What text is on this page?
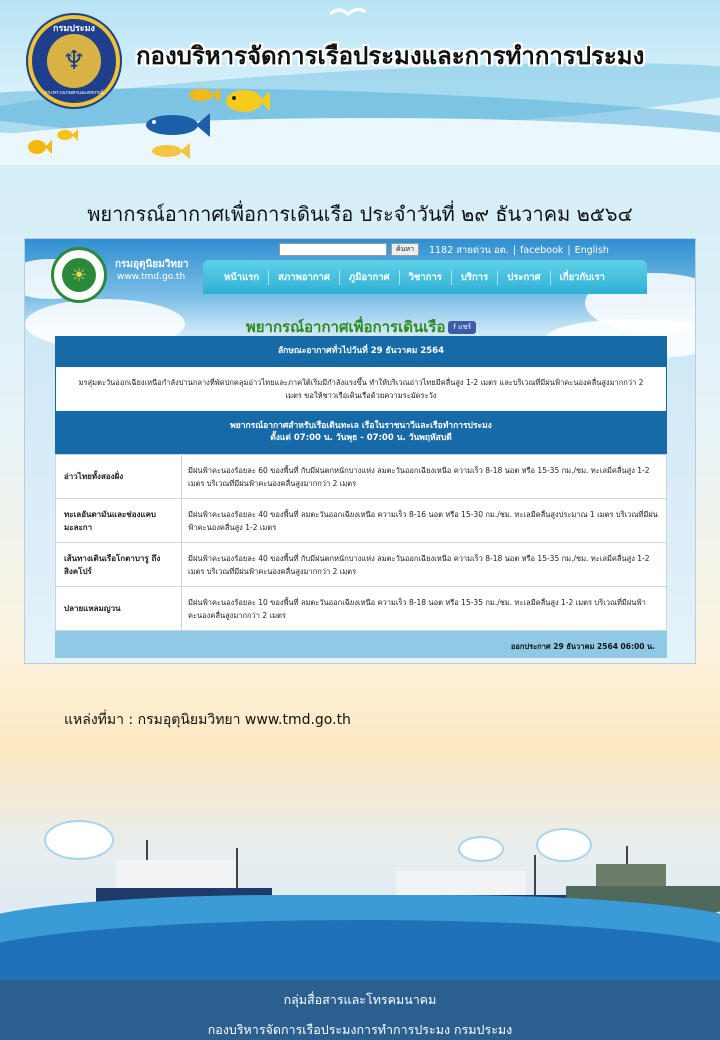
กรมประมง
♆
กระทรวงเกษตรและสหกรณ์
กองบริหารจัดการเรือประมงและการทำการประมง
พยากรณ์อากาศเพื่อการเดินเรือ ประจำวันที่ ๒๙ ธันวาคม ๒๕๖๔
☀	กรมอุตุนิยมวิทยา
www.tmd.go.th
ค้นหา	1182 สายด่วน อต. | facebook | English
หน้าแรก	สภาพอากาศ	ภูมิอากาศ	วิชาการ	บริการ	ประกาศ	เกี่ยวกับเรา
พยากรณ์อากาศเพื่อการเดินเรือ f แชร์
ลักษณะอากาศทั่วไปวันที่ 29 ธันวาคม 2564
มรสุมตะวันออกเฉียงเหนือกำลังปานกลางที่พัดปกคลุมอ่าวไทยและภาคใต้เริ่มมีกำลังแรงขึ้น ทำให้บริเวณอ่าวไทยมีคลื่นสูง 1-2 เมตร และบริเวณที่มีฝนฟ้าคะนองคลื่นสูงมากกว่า 2 เมตร ขอให้ชาวเรือเดินเรือด้วยความระมัดระวัง
พยากรณ์อากาศสำหรับเรือเดินทะเล เรือในราชนาวีและเรือทำการประมง
ตั้งแต่ 07:00 น. วันพุธ - 07:00 น. วันพฤหัสบดี
อ่าวไทยทั้งสองฝั่ง	มีฝนฟ้าคะนองร้อยละ 60 ของพื้นที่ กับมีฝนตกหนักบางแห่ง ลมตะวันออกเฉียงเหนือ ความเร็ว 8-18 นอต หรือ 15-35 กม./ชม. ทะเลมีคลื่นสูง 1-2 เมตร บริเวณที่มีฝนฟ้าคะนองคลื่นสูงมากกว่า 2 เมตร
ทะเลอันดามันและช่องแคบมะละกา	มีฝนฟ้าคะนองร้อยละ 40 ของพื้นที่ ลมตะวันออกเฉียงเหนือ ความเร็ว 8-16 นอต หรือ 15-30 กม./ชม. ทะเลมีคลื่นสูงประมาณ 1 เมตร บริเวณที่มีฝนฟ้าคะนองคลื่นสูง 1-2 เมตร
เส้นทางเดินเรือโกตาบารู ถึงสิงคโปร์	มีฝนฟ้าคะนองร้อยละ 40 ของพื้นที่ กับมีฝนตกหนักบางแห่ง ลมตะวันออกเฉียงเหนือ ความเร็ว 8-18 นอต หรือ 15-35 กม./ชม. ทะเลมีคลื่นสูง 1-2 เมตร บริเวณที่มีฝนฟ้าคะนองคลื่นสูงมากกว่า 2 เมตร
ปลายแหลมญวน	มีฝนฟ้าคะนองร้อยละ 10 ของพื้นที่ ลมตะวันออกเฉียงเหนือ ความเร็ว 8-18 นอต หรือ 15-35 กม./ชม. ทะเลมีคลื่นสูง 1-2 เมตร บริเวณที่มีฝนฟ้าคะนองคลื่นสูงมากกว่า 2 เมตร
ออกประกาศ 29 ธันวาคม 2564 06:00 น.
แหล่งที่มา : กรมอุตุนิยมวิทยา www.tmd.go.th
กลุ่มสื่อสารและโทรคมนาคม
กองบริหารจัดการเรือประมงการทำการประมง กรมประมง
